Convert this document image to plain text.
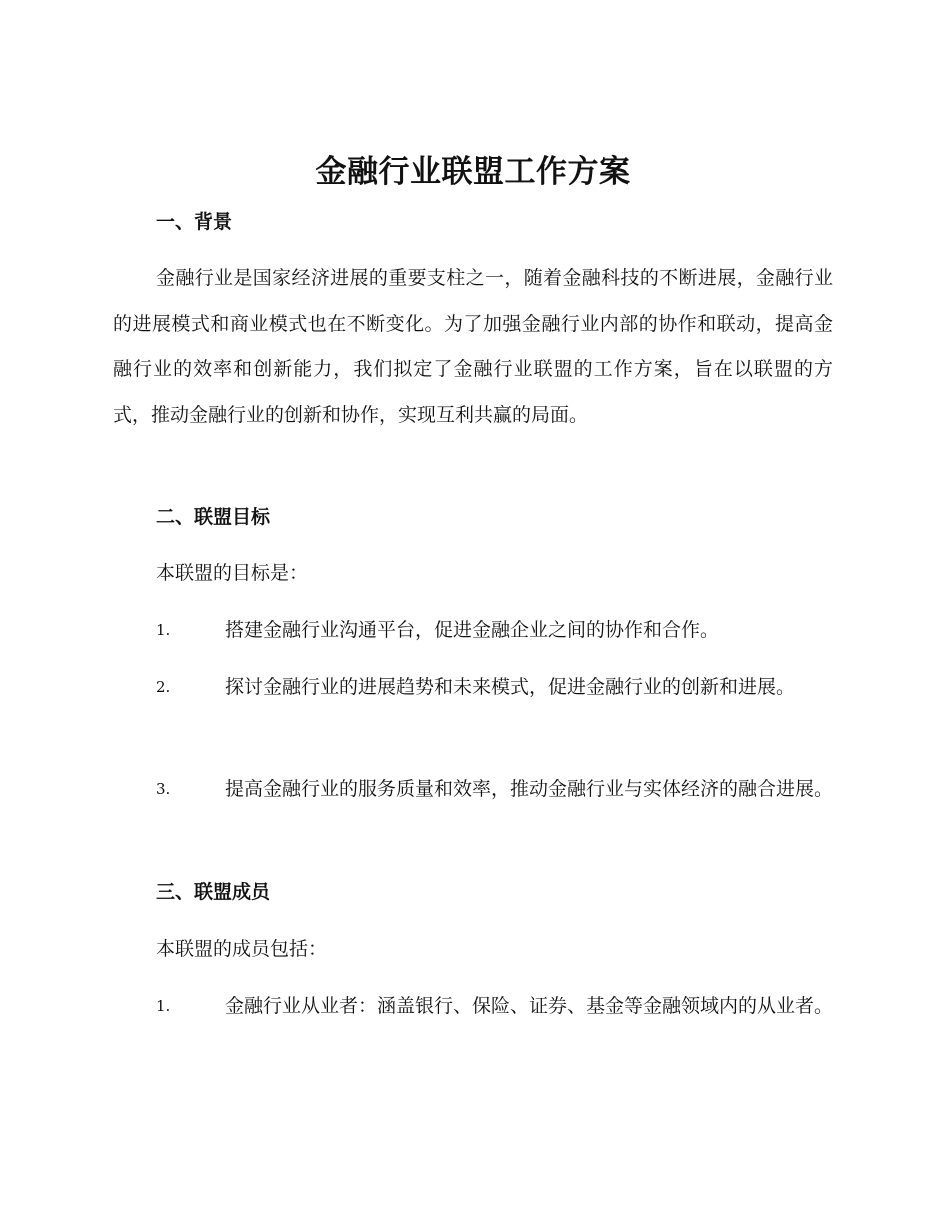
金融行业联盟工作方案
一、背景
金融行业是国家经济进展的重要支柱之一，随着金融科技的不断进展，金融行业的进展模式和商业模式也在不断变化。为了加强金融行业内部的协作和联动，提高金融行业的效率和创新能力，我们拟定了金融行业联盟的工作方案，旨在以联盟的方式，推动金融行业的创新和协作，实现互利共赢的局面。
二、联盟目标
本联盟的目标是：
1.	搭建金融行业沟通平台，促进金融企业之间的协作和合作。
2.	探讨金融行业的进展趋势和未来模式，促进金融行业的创新和进展。
3.	提高金融行业的服务质量和效率，推动金融行业与实体经济的融合进展。
三、联盟成员
本联盟的成员包括：
1.	金融行业从业者：涵盖银行、保险、证券、基金等金融领域内的从业者。
